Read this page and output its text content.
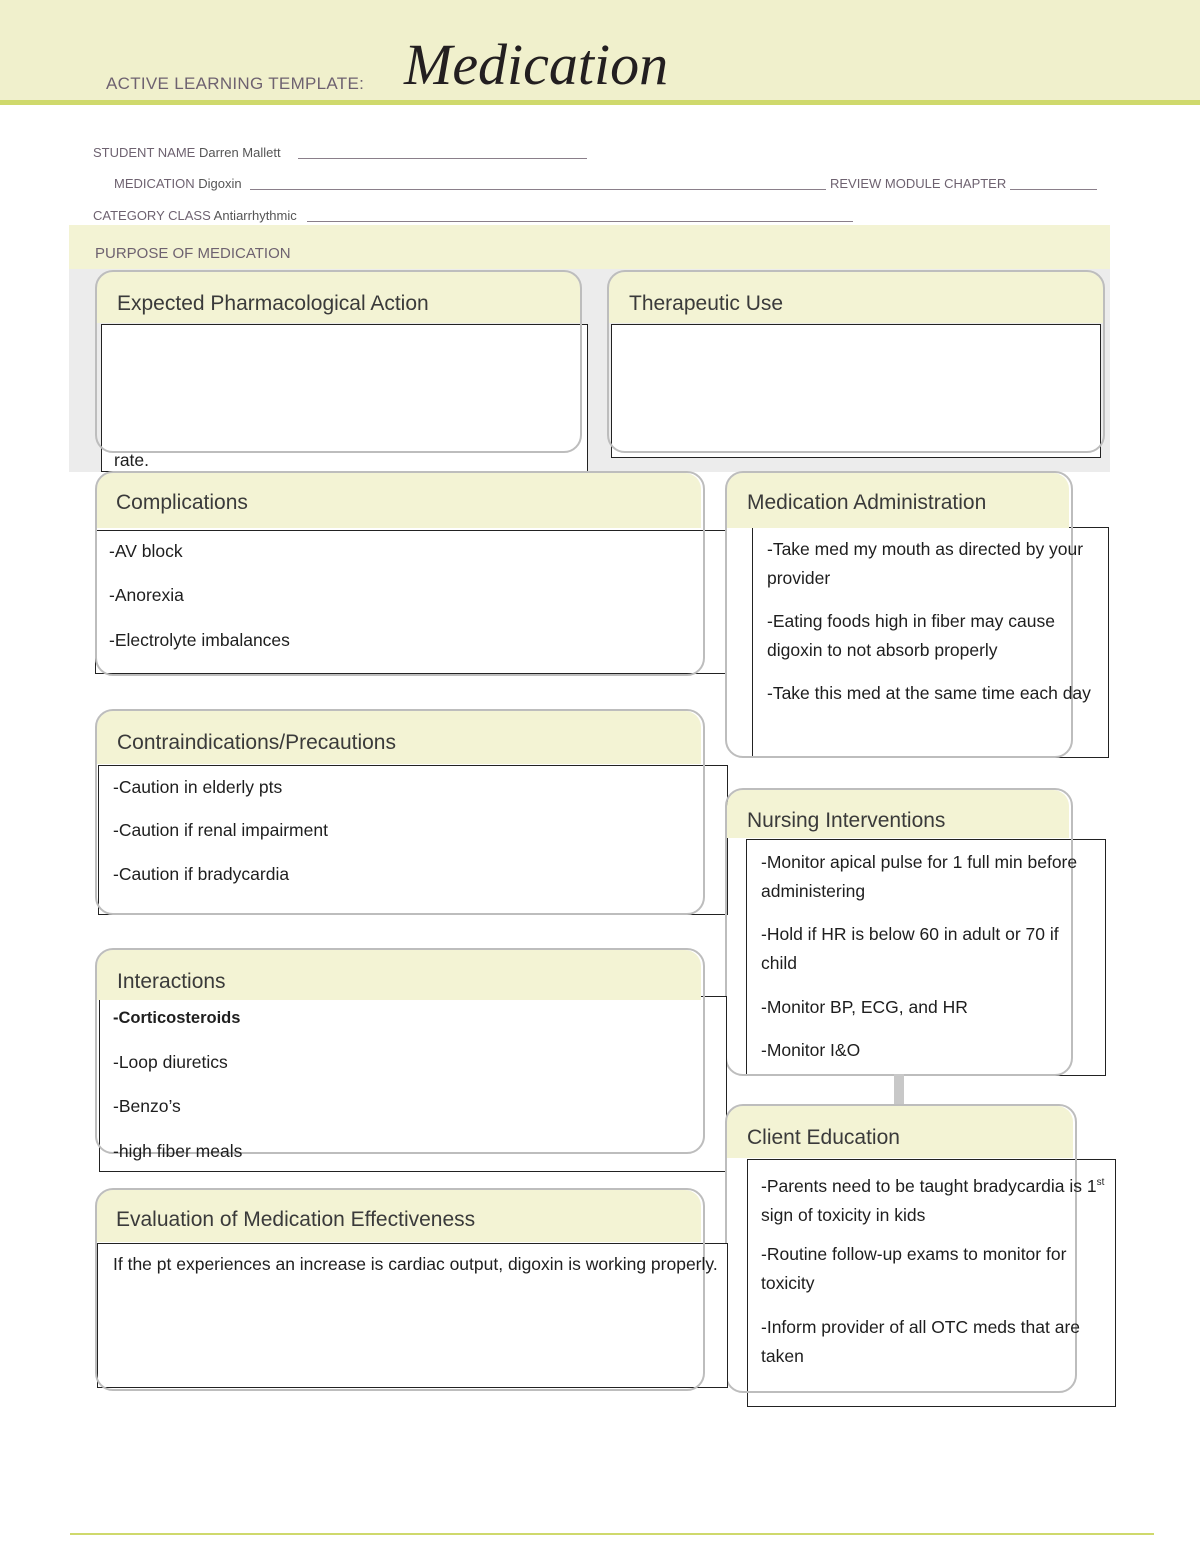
ACTIVE LEARNING TEMPLATE: Medication
STUDENT NAME Darren Mallett
MEDICATION Digoxin	REVIEW MODULE CHAPTER
CATEGORY CLASS Antiarrhythmic
PURPOSE OF MEDICATION
rate.
Expected Pharmacological Action	Therapeutic Use
Complications
-AV block
-Anorexia
-Electrolyte imbalances
Medication Administration
-Take med my mouth as directed by your provider
-Eating foods high in fiber may cause digoxin to not absorb properly
-Take this med at the same time each day
Contraindications/Precautions
-Caution in elderly pts
-Caution if renal impairment
-Caution if bradycardia
Nursing Interventions
-Monitor apical pulse for 1 full min before administering
-Hold if HR is below 60 in adult or 70 if child
-Monitor BP, ECG, and HR
-Monitor I&O
Interactions
-Corticosteroids
-Loop diuretics
-Benzo’s
-high fiber meals
Client Education
-Parents need to be taught bradycardia is 1st sign of toxicity in kids
-Routine follow-up exams to monitor for toxicity
-Inform provider of all OTC meds that are taken
Evaluation of Medication Effectiveness
If the pt experiences an increase is cardiac output, digoxin is working properly.
